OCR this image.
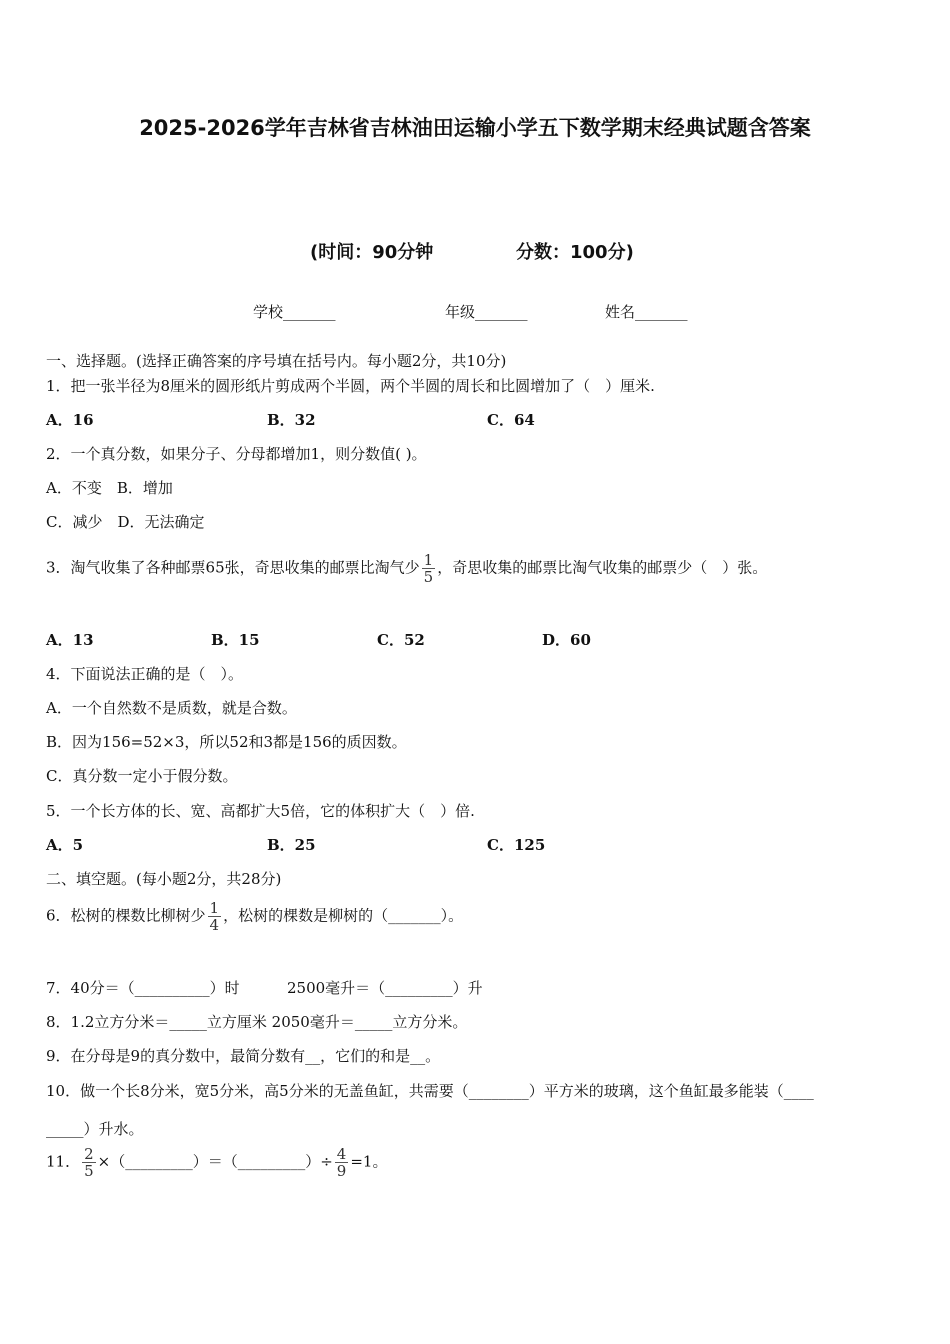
2025-2026学年吉林省吉林油田运输小学五下数学期末经典试题含答案
(时间：90分钟	分数：100分)
学校_______	年级_______	姓名_______
一、选择题。(选择正确答案的序号填在括号内。每小题2分，共10分)
1．把一张半径为8厘米的圆形纸片剪成两个半圆，两个半圆的周长和比圆增加了（　）厘米.
A．16	B．32	C．64
2．一个真分数，如果分子、分母都增加1，则分数值( )。
A．不变　B．增加
C．减少　D．无法确定
3．淘气收集了各种邮票65张，奇思收集的邮票比淘气少 $\frac{1}{5}$ ，奇思收集的邮票比淘气收集的邮票少（　）张。
A．13	B．15	C．52	D．60
4．下面说法正确的是（　）。
A．一个自然数不是质数，就是合数。
B．因为156=52×3，所以52和3都是156的质因数。
C．真分数一定小于假分数。
5．一个长方体的长、宽、高都扩大5倍，它的体积扩大（　）倍.
A．5	B．25	C．125
二、填空题。(每小题2分，共28分)
6．松树的棵数比柳树少 $\frac{1}{4}$ ，松树的棵数是柳树的（_______）。
7．40分＝（__________）时	2500毫升＝（_________）升
8．1.2立方分米＝_____立方厘米 2050毫升＝_____立方分米。
9．在分母是9的真分数中，最简分数有__，它们的和是__。
10．做一个长8分米，宽5分米，高5分米的无盖鱼缸，共需要（________）平方米的玻璃，这个鱼缸最多能装（____
_____）升水。
11． $\frac{2}{5}$ ×（_________）＝（_________）÷ $\frac{4}{9} =1$。
